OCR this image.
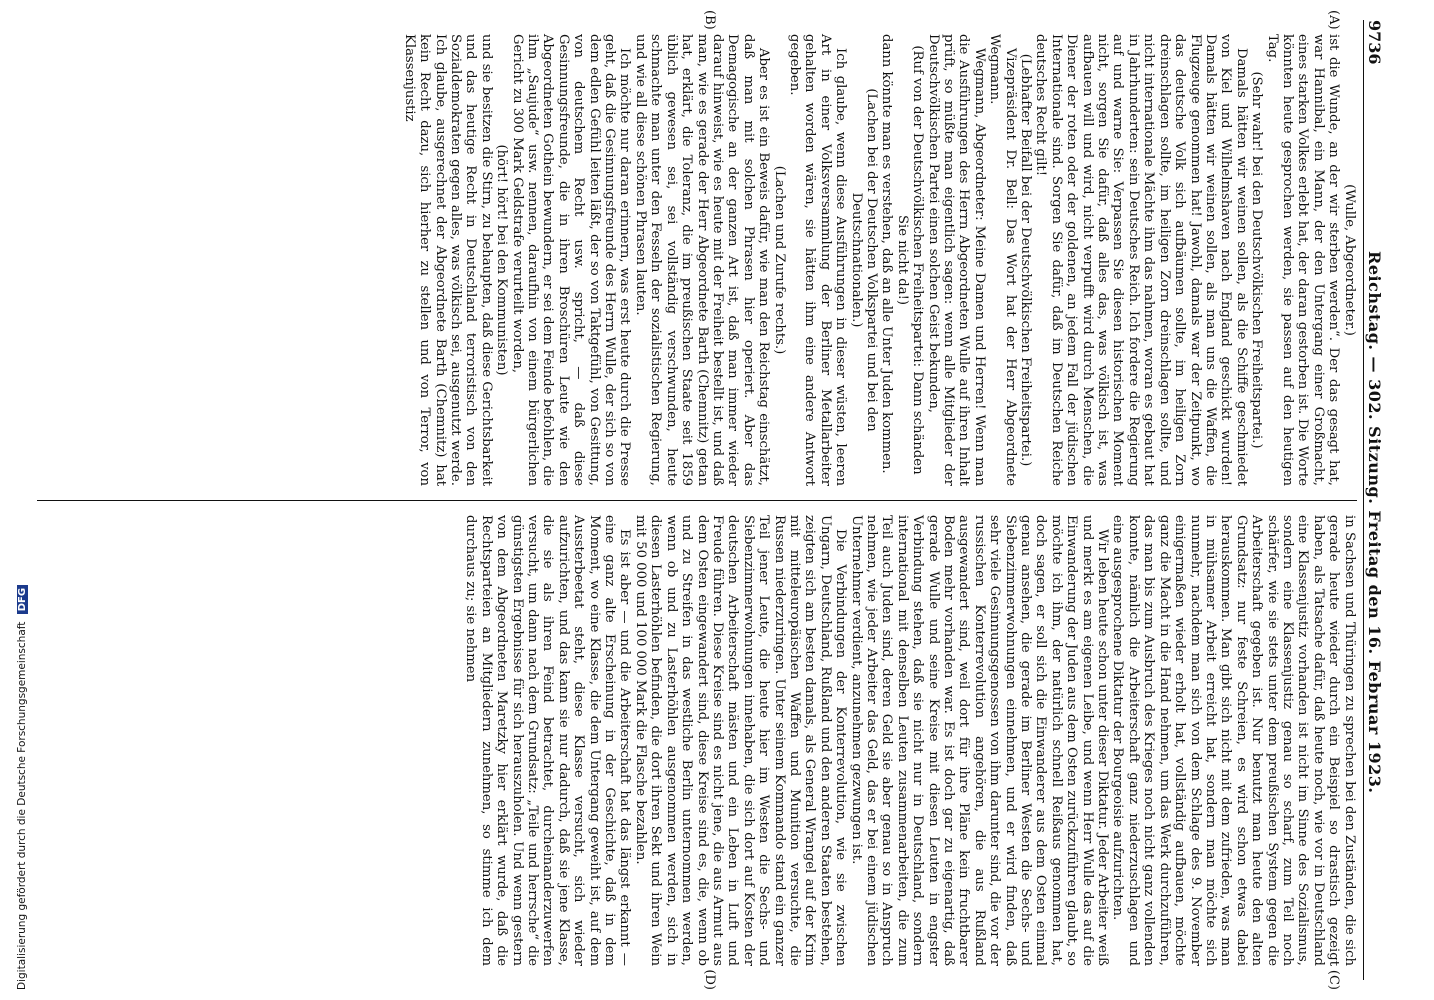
9736
Reichstag. — 302. Sitzung. Freitag den 16. Februar 1923.
(A)
(B)

(Wulle, Abgeordneter.)

ist die Wunde, an der wir sterben werden“. Der das gesagt hat, war Hannibal, ein Mann, der den Untergang einer Großmacht, eines starken Volkes erlebt hat, der daran gestorben ist. Die Worte könnten heute gesprochen werden, sie passen auf den heutigen Tag.

(Sehr wahr! bei den Deutschvölkischen Freiheitspartei.)

Damals hätten wir weinen sollen, als die Schiffe geschmiedet von Kiel und Wilhelmshaven nach England geschickt wurden! Damals hätten wir weinen sollen, als man uns die Waffen, die Flugzeuge genommen hat! Jawohl, damals war der Zeitpunkt, wo das deutsche Volk sich aufbäumen sollte, im heiligen Zorn dreinschlagen sollte, im heiligen Zorn dreinschlagen sollte, und nicht internationale Mächte ihm das nahmen, woran es gebaut hat in Jahrhunderten: sein Deutsches Reich. Ich fordere die Regierung auf und warne Sie: Verpassen Sie diesen historischen Moment nicht, sorgen Sie dafür, daß alles das, was völkisch ist, was aufbauen will und wird, nicht verpufft wird durch Menschen, die Diener der roten oder der goldenen, an jedem Fall der jüdischen Internationale sind. Sorgen Sie dafür, daß im Deutschen Reiche deutsches Recht gilt!

(Lebhafter Beifall bei der Deutschvölkischen Freiheitspartei.)

Vizepräsident Dr. Bell: Das Wort hat der Herr Abgeordnete Wegmann.

Wegmann, Abgeordneter: Meine Damen und Herren! Wenn man die Ausführungen des Herrn Abgeordneten Wulle auf ihren Inhalt prüft, so müßte man eigentlich sagen: wenn alle Mitglieder der Deutschvölkischen Partei einen solchen Geist bekunden,

(Ruf von der Deutschvölkischen Freiheitspartei: Dann schänden Sie nicht da!)

dann könnte man es verstehen, daß an alle Unter Juden kommen.

(Lachen bei der Deutschen Volkspartei und bei den Deutschnationalen.)

Ich glaube, wenn diese Ausführungen in dieser wüsten, leeren Art in einer Volksversammlung der Berliner Metallarbeiter gehalten worden wären, sie hätten ihm eine andere Antwort gegeben.

(Lachen und Zurufe rechts.)

Aber es ist ein Beweis dafür, wie man den Reichstag einschätzt, daß man mit solchen Phrasen hier operiert. Aber das Demagogische an der ganzen Art ist, daß man immer wieder darauf hinweist, wie es heute mit der Freiheit bestellt ist, und daß man, wie es gerade der Herr Abgeordnete Barth (Chemnitz) getan hat, erklärt, die Toleranz, die im preußischen Staate seit 1859 üblich gewesen sei, sei vollständig verschwunden, heute schmachte man unter den Fesseln der sozialistischen Regierung, und wie all diese schönen Phrasen lauten.

Ich möchte nur daran erinnern, was erst heute durch die Presse geht, daß die Gesinnungsfreunde des Herrn Wulle, der sich so von dem edlen Gefühl leiten läßt, der so von Taktgefühl, von Gesittung, von deutschem Recht usw. spricht, — daß diese Gesinnungsfreunde, die in ihren Broschüren Leute wie den Abgeordneten Gothein bewundern, er sei dem Feinde befohlen, die ihm „Saujude“ usw. nennen, daraufhin von einem bürgerlichen Gericht zu 300 Mark Geldstrafe verurteilt worden,

(hört! hört! bei den Kommunisten)

und sie besitzen die Stirn, zu behaupten, daß diese Gerichtsbarkeit und das heutige Recht in Deutschland terroristisch von den Sozialdemokraten gegen alles, was völkisch sei, ausgenutzt werde. Ich glaube, ausgerechnet der Abgeordnete Barth (Chemnitz) hat kein Recht dazu, sich hierher zu stellen und von Terror, von Klassenjustiz

(C)
(D)

in Sachsen und Thüringen zu sprechen bei den Zuständen, die sich gerade heute wieder durch ein Beispiel so drastisch gezeigt haben, als Tatsache dafür, daß heute noch, wie vor in Deutschland eine Klassenjustiz vorhanden ist nicht im Sinne des Sozialismus, sondern eine Klassenjustiz genau so scharf, zum Teil noch schärfer, wie sie stets unter dem preußischen System gegen die Arbeiterschaft gegeben ist. Nur benutzt man heute den alten Grundsatz: nur feste Schreien, es wird schon etwas dabei herauskommen. Man gibt sich nicht mit dem zufrieden, was man in mühsamer Arbeit erreicht hat, sondern man möchte sich nunmehr, nachdem man sich von dem Schlage des 9. November einigermaßen wieder erholt hat, vollständig aufbauen, möchte ganz die Macht in die Hand nehmen, um das Werk durchzuführen, das man bis zum Ausbruch des Krieges noch nicht ganz vollenden konnte, nämlich die Arbeiterschaft ganz niederzuschlagen und eine ausgesprochene Diktatur der Bourgeoisie aufzurichten.

Wir leben heute schon unter dieser Diktatur. Jeder Arbeiter weiß und merkt es am eigenen Leibe, und wenn Herr Wulle das auf die Einwanderung der Juden aus dem Osten zurückzuführen glaubt, so möchte ich ihm, der natürlich schnell Reißaus genommen hat, doch sagen, er soll sich die Einwanderer aus dem Osten einmal genau ansehen, die gerade im Berliner Westen die Sechs- und Siebenzimmerwohnungen einnehmen, und er wird finden, daß sehr viele Gesinnungsgenossen von ihm darunter sind, die vor der russischen Konterrevolution angehören, die aus Rußland ausgewandert sind, weil dort für ihre Pläne kein fruchtbarer Boden mehr vorhanden war. Es ist doch gar zu eigenartig, daß gerade Wulle und seine Kreise mit diesen Leuten in engster Verbindung stehen, daß sie nicht nur in Deutschland, sondern international mit denselben Leuten zusammenarbeiten, die zum Teil auch Juden sind, deren Geld sie aber genau so in Anspruch nehmen, wie jeder Arbeiter das Geld, das er bei einem jüdischen Unternehmer verdient, anzunehmen gezwungen ist.

Die Verbindungen der Konterrevolution, wie sie zwischen Ungarn, Deutschland, Rußland und den anderen Staaten bestehen, zeigten sich am besten damals, als General Wrangel auf der Krim mit mitteleuropäischen Waffen und Munition versuchte, die Russen niederzuringen. Unter seinem Kommando stand ein ganzer Teil jener Leute, die heute hier im Westen die Sechs- und Siebenzimmerwohnungen innehaben, die sich dort auf Kosten der deutschen Arbeiterschaft mästen und ein Leben in Luft und Freude führen. Diese Kreise sind es nicht jene, die aus Armut aus dem Osten eingewandert sind, diese Kreise sind es, die, wenn ob und zu Streifen in das westliche Berlin unternommen werden, wenn ob und zu Lasterhöhlen ausgenommen werden, sich in diesen Lasterhöhlen befinden, die dort ihren Sekt und ihren Wein mit 50 000 und 100 000 Mark die Flasche bezahlen.

Es ist aber — und die Arbeiterschaft hat das längst erkannt — eine ganz alte Erscheinung in der Geschichte, daß in dem Moment, wo eine Klasse, die dem Untergang geweiht ist, auf dem Aussterbeetat steht, diese Klasse versucht, sich wieder aufzurichten, und das kann sie nur dadurch, daß sie jene Klasse, die sie als ihren Feind betrachtet, durcheinanderzuwerfen versucht, um dann nach dem Grundsatz: „Teile und herrsche“ die günstigsten Ergebnisse für sich herauszuholen. Und wenn gestern von dem Abgeordneten Maretzky hier erklärt wurde, daß die Rechtsparteien an Mitgliedern zunehmen, so stimme ich dem durchaus zu; sie nehmen

Digitalisierung gefördert durch die Deutsche Forschungsgemeinschaft DFG
